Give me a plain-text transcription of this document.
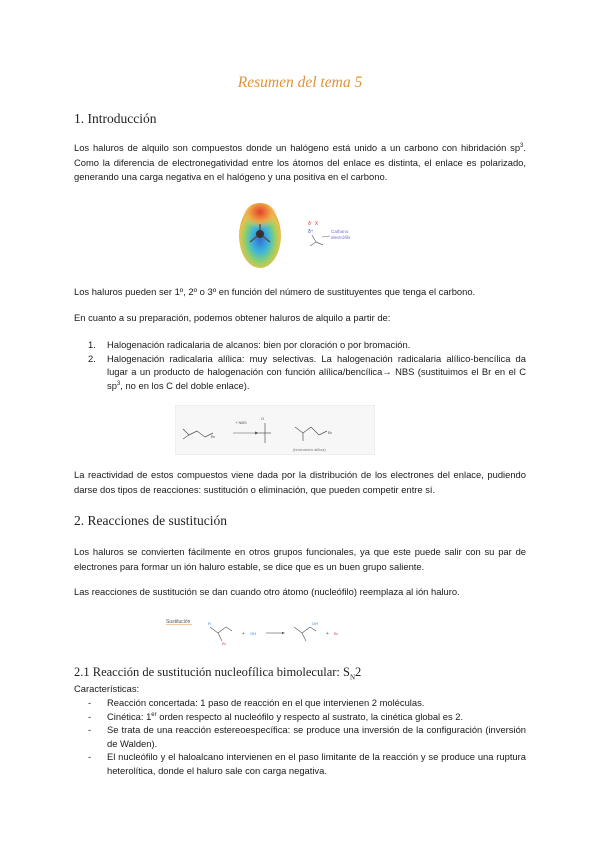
Resumen del tema 5
1. Introducción

Los haluros de alquilo son compuestos donde un halógeno está unido a un carbono con hibridación $sp^3$. Como la diferencia de electronegatividad entre los átomos del enlace es distinta, el enlace es polarizado, generando una carga negativa en el halógeno y una positiva en el carbono.

δ⁻ X
δ⁺	Carbono
electrófilo

Los haluros pueden ser 1º, 2º o 3º en función del número de sustituyentes que tenga el carbono.

En cuanto a su preparación, podemos obtener haluros de alquilo a partir de:

1. Halogenación radicalaria de alcanos: bien por cloración o por bromación.
2. Halogenación radicalaria alílica: muy selectivas. La halogenación radicalaria alílico-bencílica da lugar a un producto de halogenación con función alílica/bencílica→ NBS (sustituimos el Br en el C $sp^3$, no en los C del doble enlace).
Br
+ NBS
O
Br
(bromación alílica)

La reactividad de estos compuestos viene dada por la distribución de los electrones del enlace, pudiendo darse dos tipos de reacciones: sustitución o eliminación, que pueden competir entre sí.

2. Reacciones de sustitución

Los haluros se convierten fácilmente en otros grupos funcionales, ya que este puede salir con su par de electrones para formar un ión haluro estable, se dice que es un buen grupo saliente.

Las reacciones de sustitución se dan cuando otro átomo (nucleófilo) reemplaza al ión haluro.

Sustitución	R
Br
+ OH
OH
+ Br
2.1 Reacción de sustitución nucleofílica bimolecular: $S_N2$

Características:

- Reacción concertada: 1 paso de reacción en el que intervienen 2 moléculas.
- Cinética: 1er orden respecto al nucleófilo y respecto al sustrato, la cinética global es 2.
- Se trata de una reacción estereoespecífica: se produce una inversión de la configuración (inversión de Walden).
- El nucleófilo y el haloalcano intervienen en el paso limitante de la reacción y se produce una ruptura heterolítica, donde el haluro sale con carga negativa.
